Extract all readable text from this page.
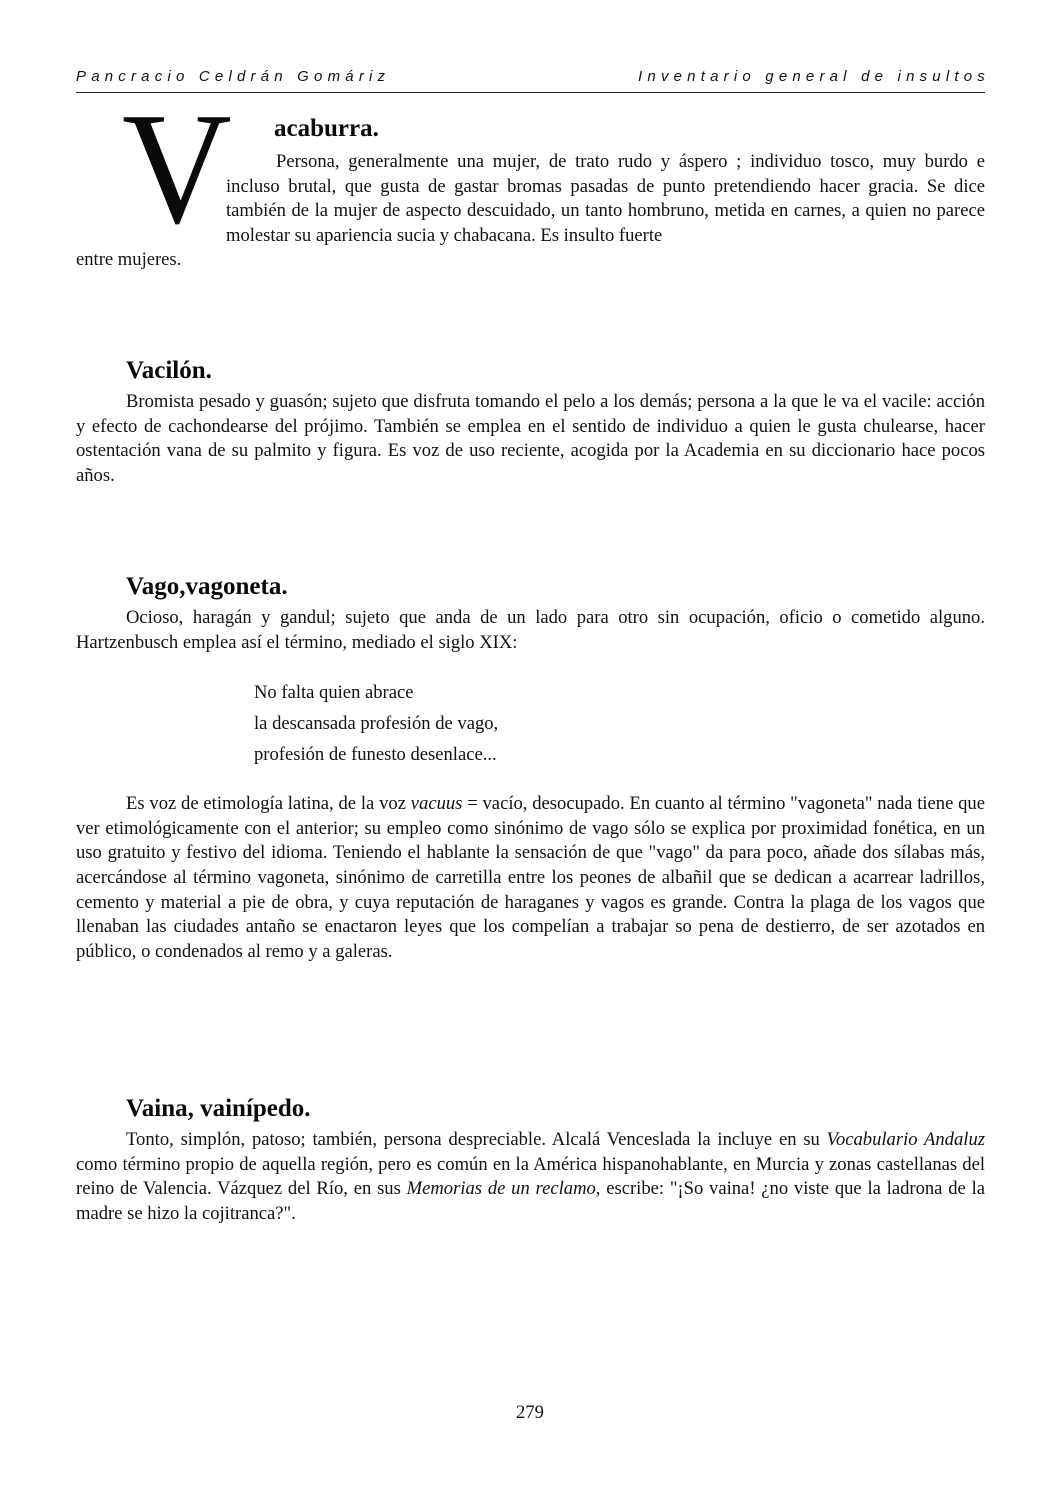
Pancracio Celdrán Gomáriz	Inventario general de insultos
V acaburra.

Persona, generalmente una mujer, de trato rudo y áspero ; individuo tosco, muy burdo e incluso brutal, que gusta de gastar bromas pasadas de punto pretendiendo hacer gracia. Se dice también de la mujer de aspecto descuidado, un tanto hombruno, metida en carnes, a quien no parece molestar su apariencia sucia y chabacana. Es insulto fuerte

entre mujeres.

Vacilón.

Bromista pesado y guasón; sujeto que disfruta tomando el pelo a los demás; persona a la que le va el vacile: acción y efecto de cachondearse del prójimo. También se emplea en el sentido de individuo a quien le gusta chulearse, hacer ostentación vana de su palmito y figura. Es voz de uso reciente, acogida por la Academia en su diccionario hace pocos años.

Vago,vagoneta.

Ocioso, haragán y gandul; sujeto que anda de un lado para otro sin ocupación, oficio o cometido alguno. Hartzenbusch emplea así el término, mediado el siglo XIX:

No falta quien abrace
la descansada profesión de vago,
profesión de funesto desenlace...

Es voz de etimología latina, de la voz vacuus = vacío, desocupado. En cuanto al término "vagoneta" nada tiene que ver etimológicamente con el anterior; su empleo como sinónimo de vago sólo se explica por proximidad fonética, en un uso gratuito y festivo del idioma. Teniendo el hablante la sensación de que "vago" da para poco, añade dos sílabas más, acercándose al término vagoneta, sinónimo de carretilla entre los peones de albañil que se dedican a acarrear ladrillos, cemento y material a pie de obra, y cuya reputación de haraganes y vagos es grande. Contra la plaga de los vagos que llenaban las ciudades antaño se enactaron leyes que los compelían a trabajar so pena de destierro, de ser azotados en público, o condenados al remo y a galeras.

Vaina, vainípedo.

Tonto, simplón, patoso; también, persona despreciable. Alcalá Venceslada la incluye en su Vocabulario Andaluz como término propio de aquella región, pero es común en la América hispanohablante, en Murcia y zonas castellanas del reino de Valencia. Vázquez del Río, en sus Memorias de un reclamo, escribe: "¡So vaina! ¿no viste que la ladrona de la madre se hizo la cojitranca?".

279
